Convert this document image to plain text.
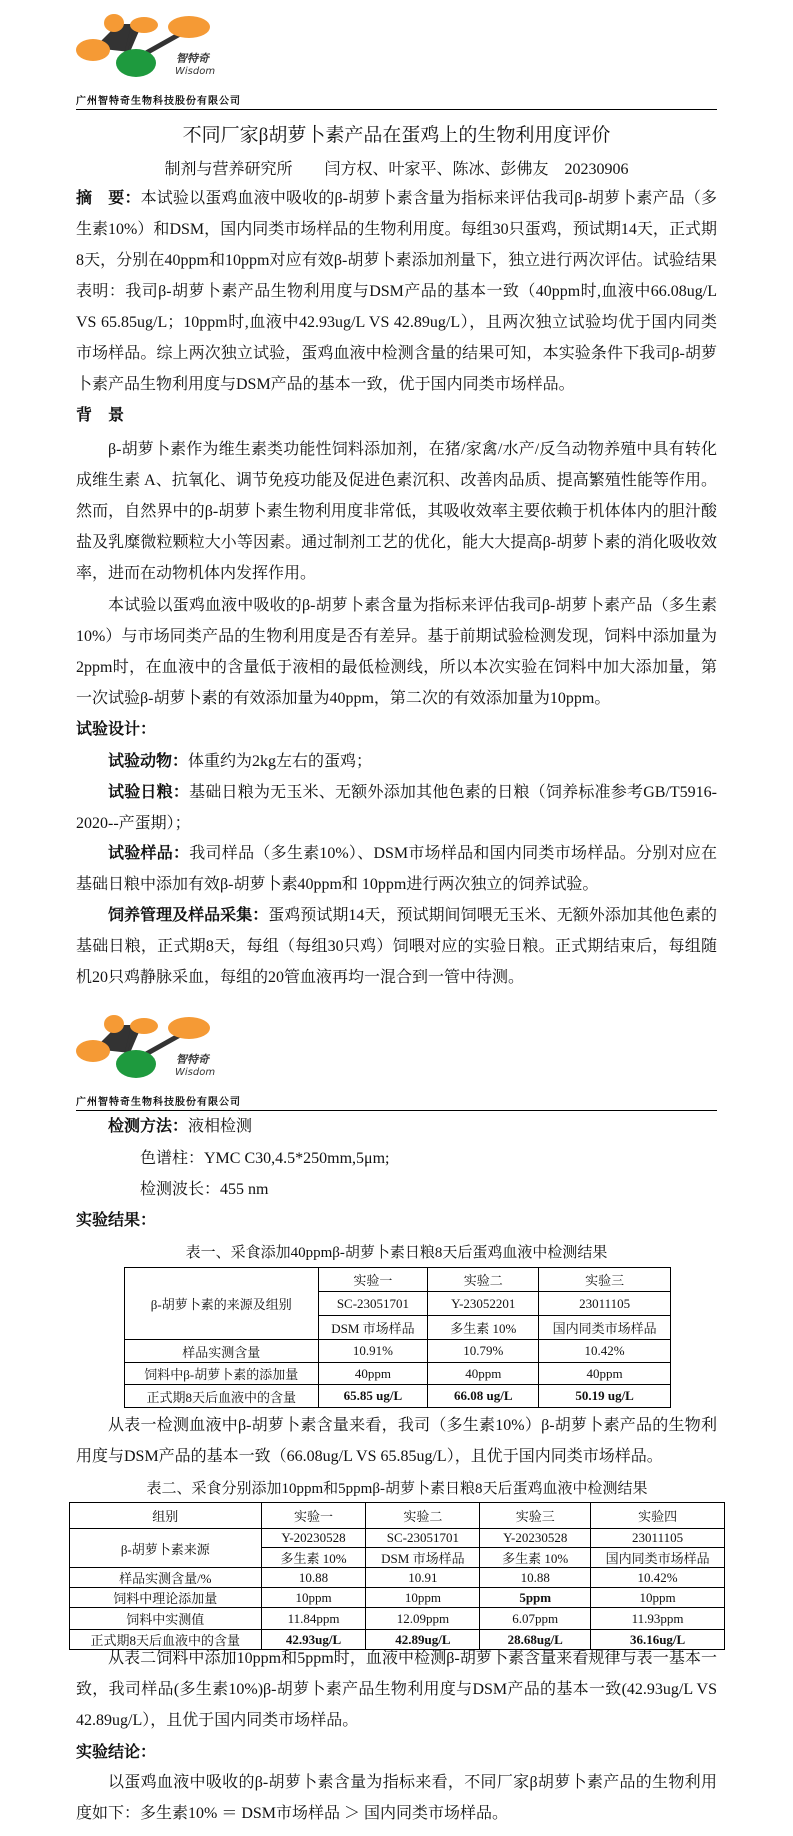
智特奇
Wisdom
广州智特奇生物科技股份有限公司
不同厂家β胡萝卜素产品在蛋鸡上的生物利用度评价
制剂与营养研究所　　闫方权、叶家平、陈冰、彭佛友　20230906
摘　要：本试验以蛋鸡血液中吸收的β-胡萝卜素含量为指标来评估我司β-胡萝卜素产品（多生素10%）和DSM，国内同类市场样品的生物利用度。每组30只蛋鸡，预试期14天，正式期8天，分别在40ppm和10ppm对应有效β-胡萝卜素添加剂量下，独立进行两次评估。试验结果表明：我司β-胡萝卜素产品生物利用度与DSM产品的基本一致（40ppm时,血液中66.08ug/L VS 65.85ug/L；10ppm时,血液中42.93ug/L VS 42.89ug/L），且两次独立试验均优于国内同类市场样品。综上两次独立试验，蛋鸡血液中检测含量的结果可知，本实验条件下我司β-胡萝卜素产品生物利用度与DSM产品的基本一致，优于国内同类市场样品。
背　景
β-胡萝卜素作为维生素类功能性饲料添加剂，在猪/家禽/水产/反刍动物养殖中具有转化成维生素 A、抗氧化、调节免疫功能及促进色素沉积、改善肉品质、提高繁殖性能等作用。然而，自然界中的β-胡萝卜素生物利用度非常低，其吸收效率主要依赖于机体体内的胆汁酸盐及乳糜微粒颗粒大小等因素。通过制剂工艺的优化，能大大提高β-胡萝卜素的消化吸收效率，进而在动物机体内发挥作用。
本试验以蛋鸡血液中吸收的β-胡萝卜素含量为指标来评估我司β-胡萝卜素产品（多生素10%）与市场同类产品的生物利用度是否有差异。基于前期试验检测发现，饲料中添加量为2ppm时，在血液中的含量低于液相的最低检测线，所以本次实验在饲料中加大添加量，第一次试验β-胡萝卜素的有效添加量为40ppm，第二次的有效添加量为10ppm。
试验设计：
试验动物：体重约为2kg左右的蛋鸡；
试验日粮：基础日粮为无玉米、无额外添加其他色素的日粮（饲养标准参考GB/T5916-2020--产蛋期）；
试验样品：我司样品（多生素10%）、DSM市场样品和国内同类市场样品。分别对应在基础日粮中添加有效β-胡萝卜素40ppm和 10ppm进行两次独立的饲养试验。
饲养管理及样品采集：蛋鸡预试期14天，预试期间饲喂无玉米、无额外添加其他色素的基础日粮，正式期8天，每组（每组30只鸡）饲喂对应的实验日粮。正式期结束后，每组随机20只鸡静脉采血，每组的20管血液再均一混合到一管中待测。
智特奇
Wisdom
广州智特奇生物科技股份有限公司
检测方法：液相检测
色谱柱：YMC C30,4.5*250mm,5μm;
检测波长：455 nm
实验结果：
表一、采食添加40ppmβ-胡萝卜素日粮8天后蛋鸡血液中检测结果
β-胡萝卜素的来源及组别	实验一	实验二	实验三
	SC-23051701	Y-23052201	23011105
	DSM 市场样品	多生素 10%	国内同类市场样品
样品实测含量	10.91%	10.79%	10.42%
饲料中β-胡萝卜素的添加量	40ppm	40ppm	40ppm
正式期8天后血液中的含量	65.85 ug/L	66.08 ug/L	50.19 ug/L
从表一检测血液中β-胡萝卜素含量来看，我司（多生素10%）β-胡萝卜素产品的生物利用度与DSM产品的基本一致（66.08ug/L VS 65.85ug/L），且优于国内同类市场样品。
表二、采食分别添加10ppm和5ppmβ-胡萝卜素日粮8天后蛋鸡血液中检测结果
组别	实验一	实验二	实验三	实验四
β-胡萝卜素来源	Y-20230528	SC-23051701	Y-20230528	23011105
	多生素 10%	DSM 市场样品	多生素 10%	国内同类市场样品
样品实测含量/%	10.88	10.91	10.88	10.42%
饲料中理论添加量	10ppm	10ppm	5ppm	10ppm
饲料中实测值	11.84ppm	12.09ppm	6.07ppm	11.93ppm
正式期8天后血液中的含量	42.93ug/L	42.89ug/L	28.68ug/L	36.16ug/L
从表二饲料中添加10ppm和5ppm时，血液中检测β-胡萝卜素含量来看规律与表一基本一致，我司样品(多生素10%)β-胡萝卜素产品生物利用度与DSM产品的基本一致(42.93ug/L VS 42.89ug/L），且优于国内同类市场样品。
实验结论：
以蛋鸡血液中吸收的β-胡萝卜素含量为指标来看，不同厂家β胡萝卜素产品的生物利用度如下：多生素10% ＝ DSM市场样品 ＞ 国内同类市场样品。
